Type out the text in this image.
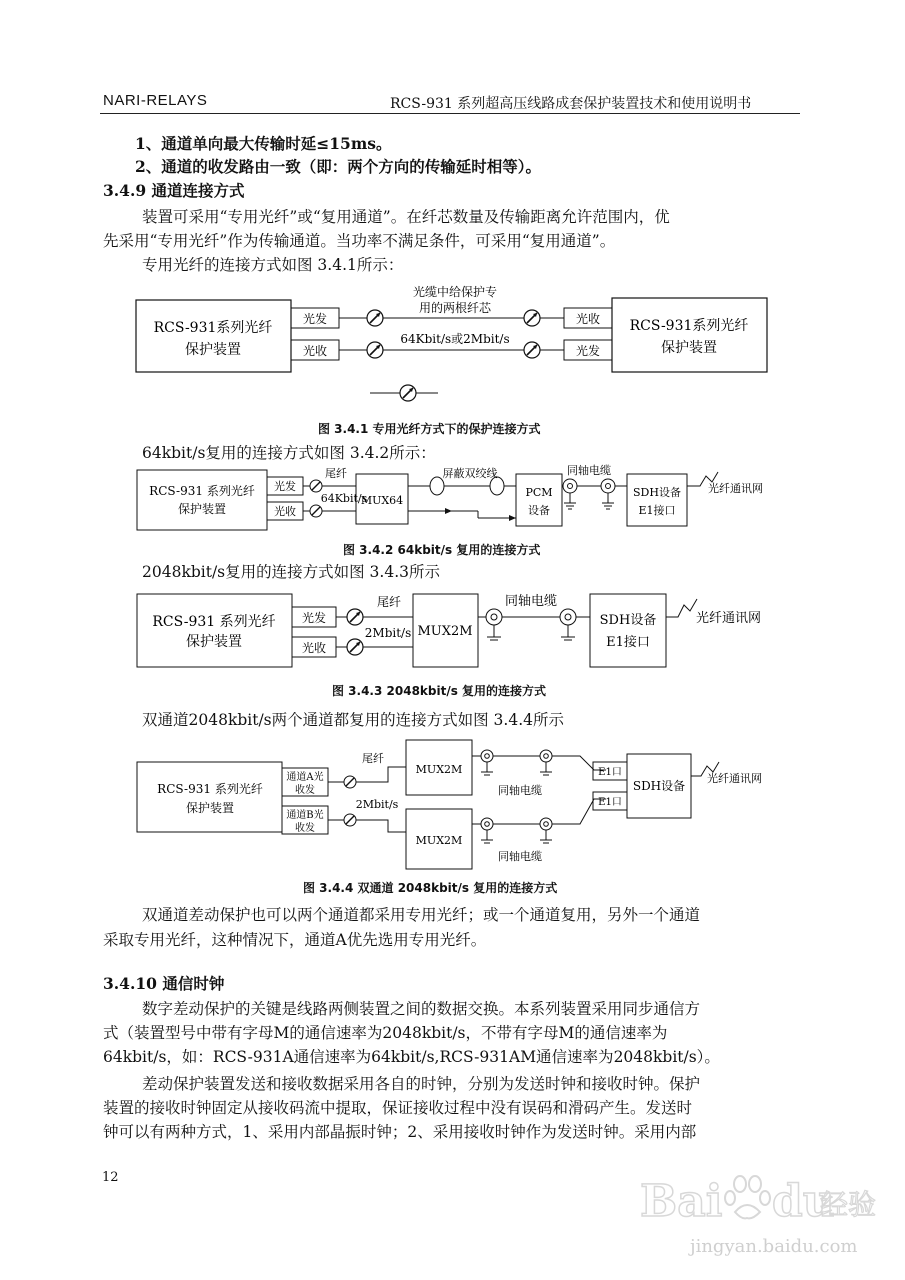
NARI-RELAYS	RCS-931 系列超高压线路成套保护装置技术和使用说明书
1、通道单向最大传输时延≤15ms。
2、通道的收发路由一致（即：两个方向的传输延时相等）。
3.4.9 通道连接方式
装置可采用“专用光纤”或“复用通道”。在纤芯数量及传输距离允许范围内，优
先采用“专用光纤”作为传输通道。当功率不满足条件，可采用“复用通道”。
专用光纤的连接方式如图 3.4.1所示：
RCS-931系列光纤
保护装置
光发
光收
光缆中给保护专
用的两根纤芯
64Kbit/s或2Mbit/s
光收
光发
RCS-931系列光纤
保护装置
图 3.4.1 专用光纤方式下的保护连接方式
64kbit/s复用的连接方式如图 3.4.2所示：
RCS-931 系列光纤
保护装置
光发
光收
尾纤
64Kbit/s
MUX64
屏蔽双绞线
PCM
设备
同轴电缆
SDH设备
E1接口
光纤通讯网
图 3.4.2 64kbit/s 复用的连接方式
2048kbit/s复用的连接方式如图 3.4.3所示
RCS-931 系列光纤
保护装置
光发
光收
尾纤
2Mbit/s MUX2M
同轴电缆
SDH设备
E1接口
光纤通讯网
图 3.4.3 2048kbit/s 复用的连接方式
双通道2048kbit/s两个通道都复用的连接方式如图 3.4.4所示
RCS-931 系列光纤
保护装置
通道A光
收发
通道B光
收发
尾纤
2Mbit/s
MUX2M
MUX2M
同轴电缆
同轴电缆
E1口
E1口
SDH设备
光纤通讯网
图 3.4.4 双通道 2048kbit/s 复用的连接方式
双通道差动保护也可以两个通道都采用专用光纤；或一个通道复用，另外一个通道
采取专用光纤，这种情况下，通道A优先选用专用光纤。
3.4.10 通信时钟
数字差动保护的关键是线路两侧装置之间的数据交换。本系列装置采用同步通信方
式（装置型号中带有字母M的通信速率为2048kbit/s，不带有字母M的通信速率为
64kbit/s，如：RCS-931A通信速率为64kbit/s,RCS-931AM通信速率为2048kbit/s）。
差动保护装置发送和接收数据采用各自的时钟，分别为发送时钟和接收时钟。保护
装置的接收时钟固定从接收码流中提取，保证接收过程中没有误码和滑码产生。发送时
钟可以有两种方式，1、采用内部晶振时钟；2、采用接收时钟作为发送时钟。采用内部
12	Bai du
经验
jingyan.baidu.com
